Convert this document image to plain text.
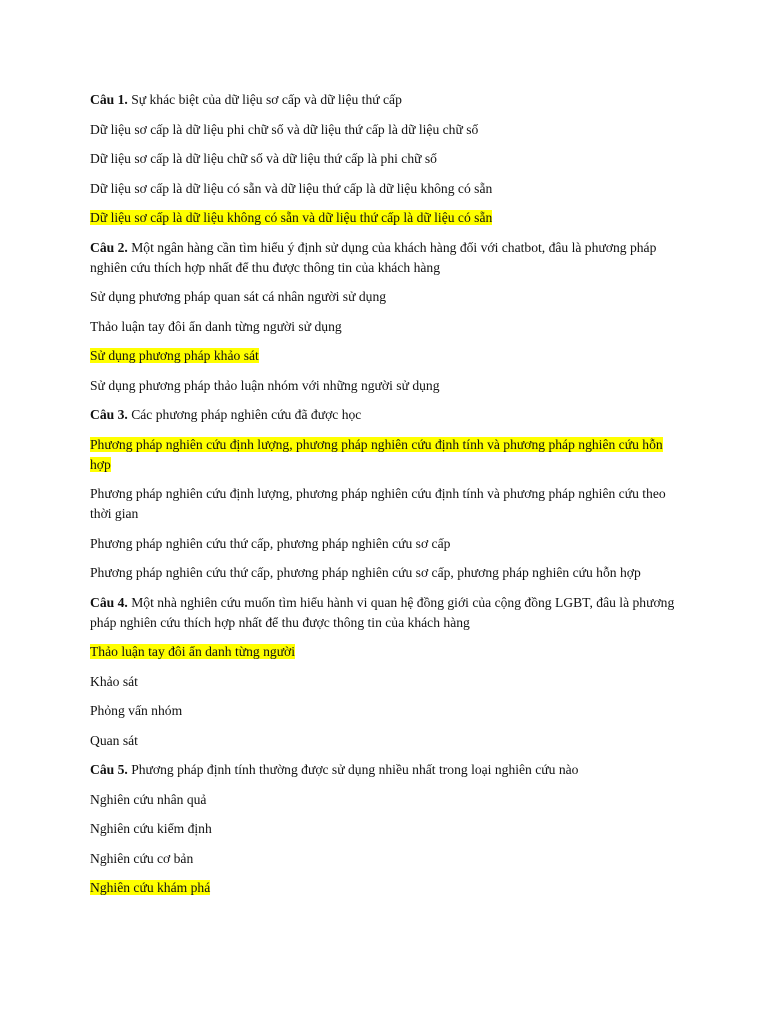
Câu 1. Sự khác biệt của dữ liệu sơ cấp và dữ liệu thứ cấp

Dữ liệu sơ cấp là dữ liệu phi chữ số và dữ liệu thứ cấp là dữ liệu chữ số

Dữ liệu sơ cấp là dữ liệu chữ số và dữ liệu thứ cấp là phi chữ số

Dữ liệu sơ cấp là dữ liệu có sẵn và dữ liệu thứ cấp là dữ liệu không có sẵn

Dữ liệu sơ cấp là dữ liệu không có sẵn và dữ liệu thứ cấp là dữ liệu có sẵn

Câu 2. Một ngân hàng cần tìm hiểu ý định sử dụng của khách hàng đối với chatbot, đâu là phương pháp nghiên cứu thích hợp nhất để thu được thông tin của khách hàng

Sử dụng phương pháp quan sát cá nhân người sử dụng

Thảo luận tay đôi ẩn danh từng người sử dụng

Sử dụng phương pháp khảo sát

Sử dụng phương pháp thảo luận nhóm với những người sử dụng

Câu 3. Các phương pháp nghiên cứu đã được học

Phương pháp nghiên cứu định lượng, phương pháp nghiên cứu định tính và phương pháp nghiên cứu hỗn hợp

Phương pháp nghiên cứu định lượng, phương pháp nghiên cứu định tính và phương pháp nghiên cứu theo thời gian

Phương pháp nghiên cứu thứ cấp, phương pháp nghiên cứu sơ cấp

Phương pháp nghiên cứu thứ cấp, phương pháp nghiên cứu sơ cấp, phương pháp nghiên cứu hỗn hợp

Câu 4. Một nhà nghiên cứu muốn tìm hiểu hành vi quan hệ đồng giới của cộng đồng LGBT, đâu là phương pháp nghiên cứu thích hợp nhất để thu được thông tin của khách hàng

Thảo luận tay đôi ẩn danh từng người

Khảo sát

Phỏng vấn nhóm

Quan sát

Câu 5. Phương pháp định tính thường được sử dụng nhiều nhất trong loại nghiên cứu nào

Nghiên cứu nhân quả

Nghiên cứu kiểm định

Nghiên cứu cơ bản

Nghiên cứu khám phá
